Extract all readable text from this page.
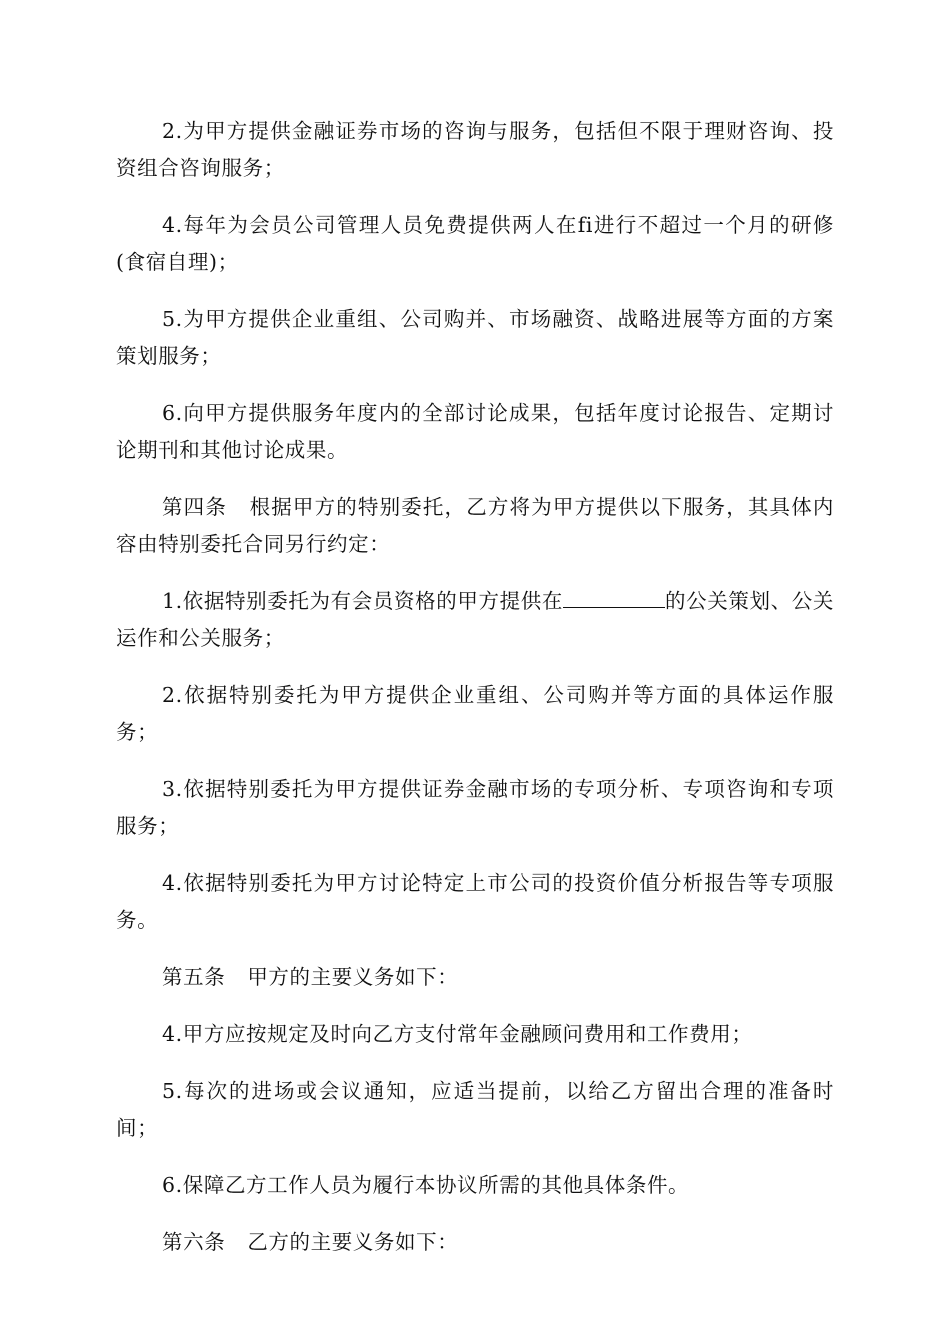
2.为甲方提供金融证券市场的咨询与服务，包括但不限于理财咨询、投资组合咨询服务；

4.每年为会员公司管理人员免费提供两人在fi进行不超过一个月的研修(食宿自理)；

5.为甲方提供企业重组、公司购并、市场融资、战略进展等方面的方案策划服务；

6.向甲方提供服务年度内的全部讨论成果，包括年度讨论报告、定期讨论期刊和其他讨论成果。

第四条 根据甲方的特别委托，乙方将为甲方提供以下服务，其具体内容由特别委托合同另行约定：

1.依据特别委托为有会员资格的甲方提供在	的公关策划、公关运作和公关服务；

2.依据特别委托为甲方提供企业重组、公司购并等方面的具体运作服务；

3.依据特别委托为甲方提供证券金融市场的专项分析、专项咨询和专项服务；

4.依据特别委托为甲方讨论特定上市公司的投资价值分析报告等专项服务。

第五条 甲方的主要义务如下：

4.甲方应按规定及时向乙方支付常年金融顾问费用和工作费用；

5.每次的进场或会议通知，应适当提前，以给乙方留出合理的准备时间；

6.保障乙方工作人员为履行本协议所需的其他具体条件。

第六条 乙方的主要义务如下：
